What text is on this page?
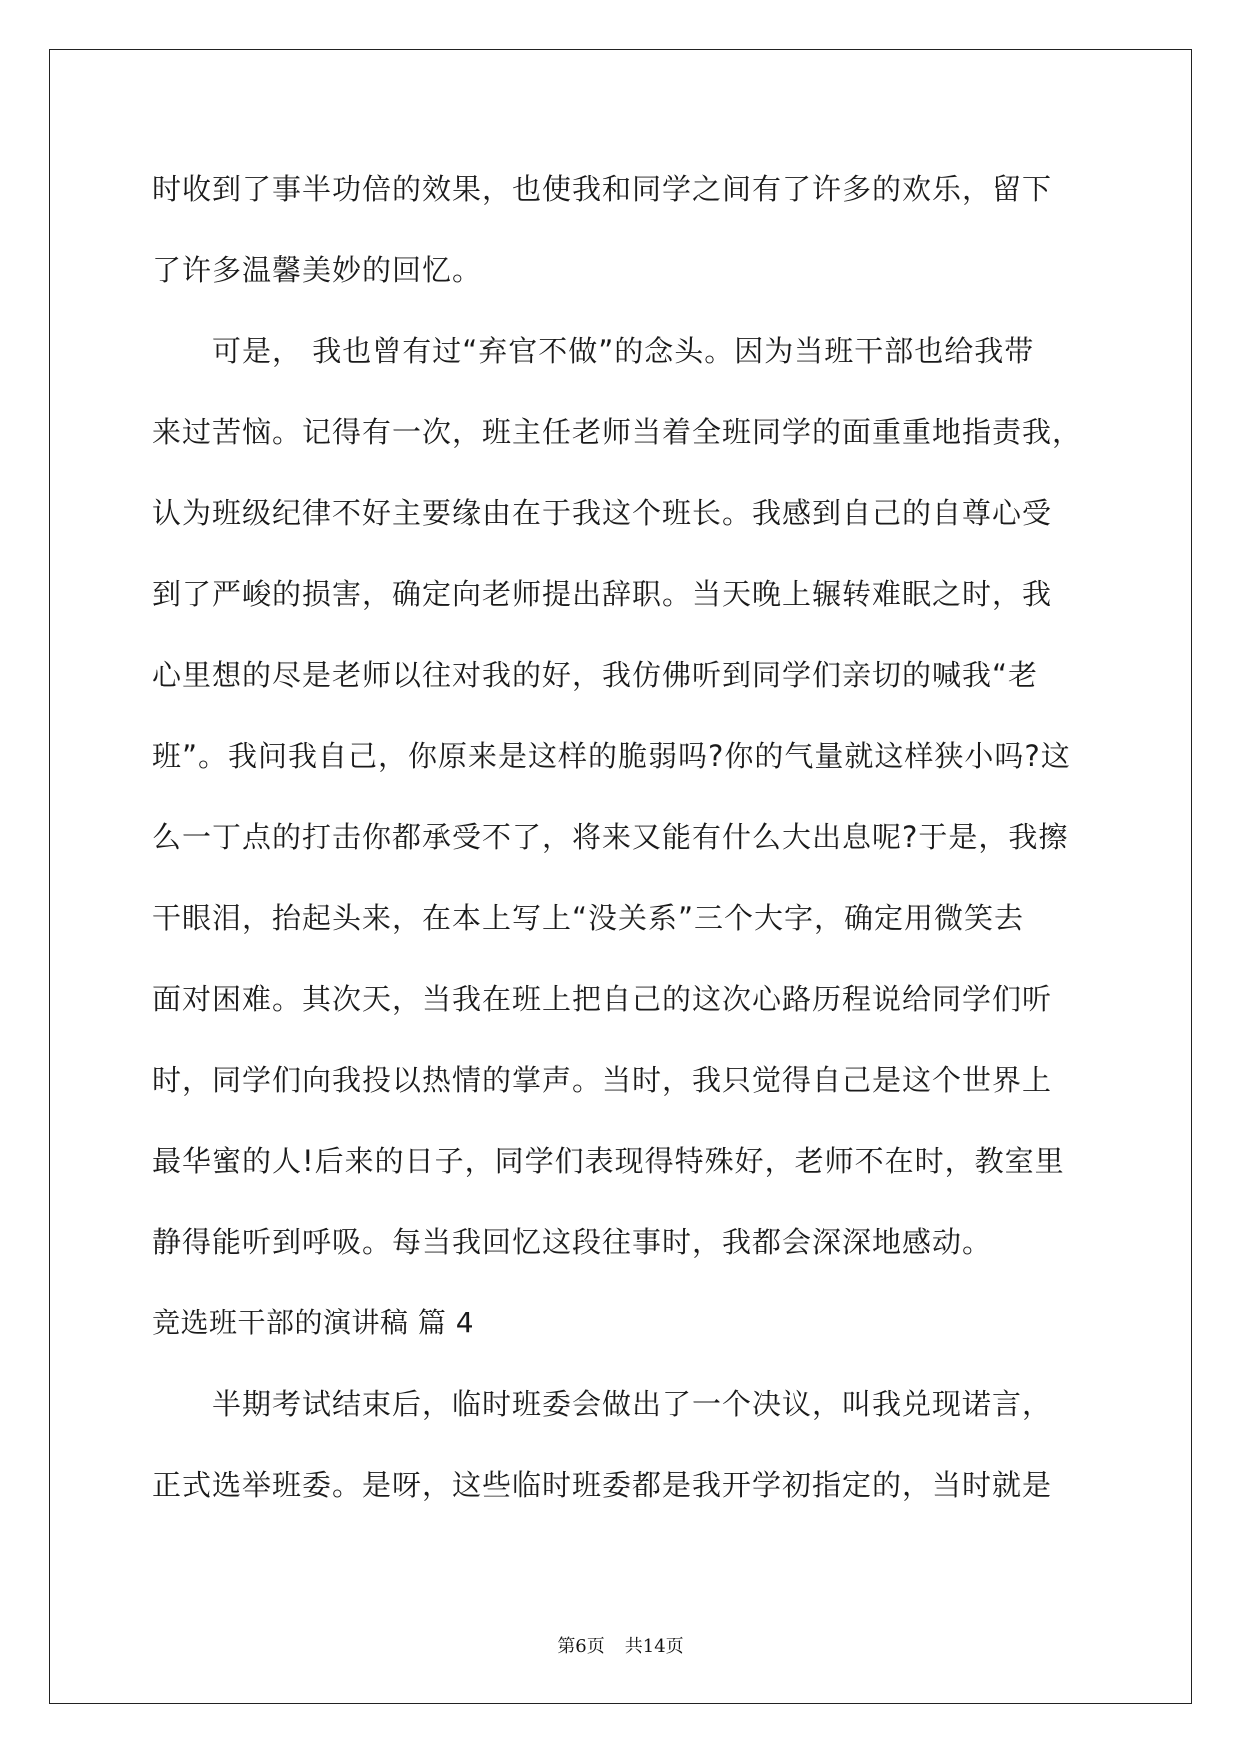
时收到了事半功倍的效果，也使我和同学之间有了许多的欢乐，留下
了许多温馨美妙的回忆。
可是， 我也曾有过“弃官不做”的念头。因为当班干部也给我带
来过苦恼。记得有一次，班主任老师当着全班同学的面重重地指责我，
认为班级纪律不好主要缘由在于我这个班长。我感到自己的自尊心受
到了严峻的损害，确定向老师提出辞职。当天晚上辗转难眠之时，我
心里想的尽是老师以往对我的好，我仿佛听到同学们亲切的喊我“老
班”。我问我自己，你原来是这样的脆弱吗?你的气量就这样狭小吗?这
么一丁点的打击你都承受不了，将来又能有什么大出息呢?于是，我擦
干眼泪，抬起头来，在本上写上“没关系”三个大字，确定用微笑去
面对困难。其次天，当我在班上把自己的这次心路历程说给同学们听
时，同学们向我投以热情的掌声。当时，我只觉得自己是这个世界上
最华蜜的人!后来的日子，同学们表现得特殊好，老师不在时，教室里
静得能听到呼吸。每当我回忆这段往事时，我都会深深地感动。
竞选班干部的演讲稿 篇 4
半期考试结束后，临时班委会做出了一个决议，叫我兑现诺言，
正式选举班委。是呀，这些临时班委都是我开学初指定的，当时就是
第6页 共14页
